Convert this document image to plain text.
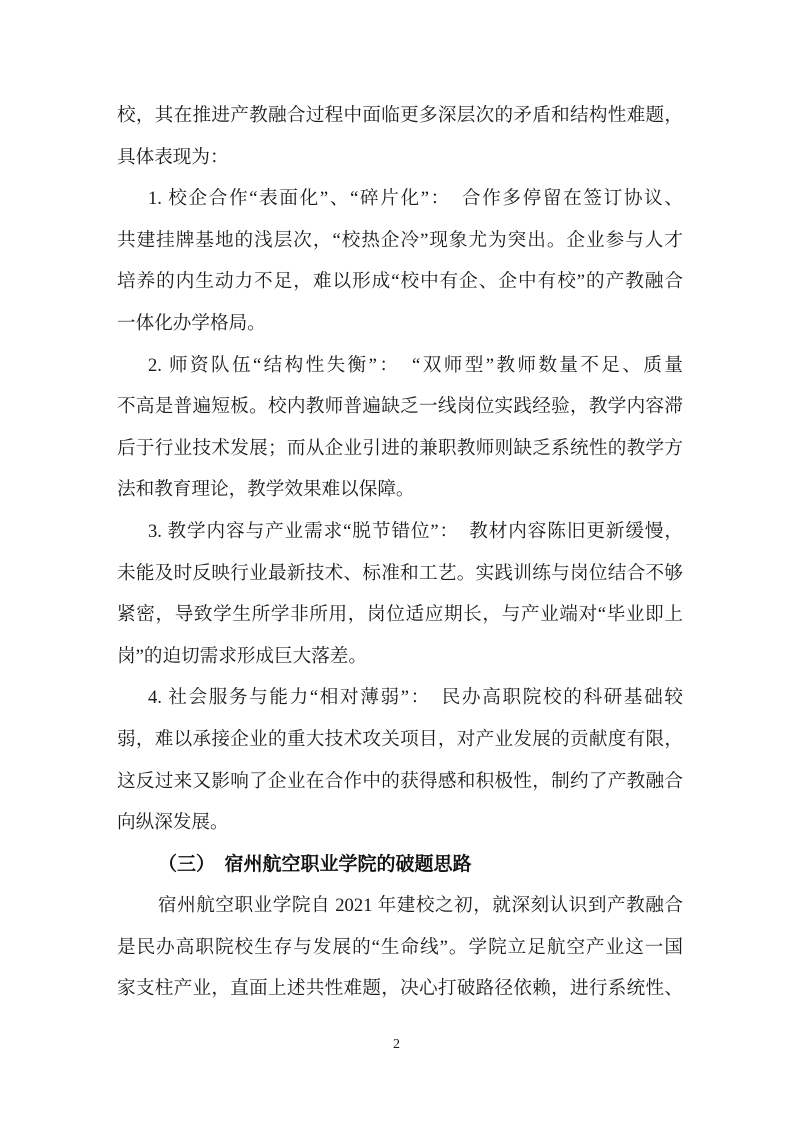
校，其在推进产教融合过程中面临更多深层次的矛盾和结构性难题，
具体表现为：
1. 校企合作“表面化”、“碎片化”：　合作多停留在签订协议、
共建挂牌基地的浅层次，“校热企冷”现象尤为突出。企业参与人才
培养的内生动力不足，难以形成“校中有企、企中有校”的产教融合
一体化办学格局。
2. 师资队伍“结构性失衡”：　“双师型”教师数量不足、质量
不高是普遍短板。校内教师普遍缺乏一线岗位实践经验，教学内容滞
后于行业技术发展；而从企业引进的兼职教师则缺乏系统性的教学方
法和教育理论，教学效果难以保障。
3. 教学内容与产业需求“脱节错位”：　教材内容陈旧更新缓慢，
未能及时反映行业最新技术、标准和工艺。实践训练与岗位结合不够
紧密，导致学生所学非所用，岗位适应期长，与产业端对“毕业即上
岗”的迫切需求形成巨大落差。
4. 社会服务与能力“相对薄弱”：　民办高职院校的科研基础较
弱，难以承接企业的重大技术攻关项目，对产业发展的贡献度有限，
这反过来又影响了企业在合作中的获得感和积极性，制约了产教融合
向纵深发展。
（三）　宿州航空职业学院的破题思路
宿州航空职业学院自 2021 年建校之初，就深刻认识到产教融合
是民办高职院校生存与发展的“生命线”。学院立足航空产业这一国
家支柱产业，直面上述共性难题，决心打破路径依赖，进行系统性、
2
